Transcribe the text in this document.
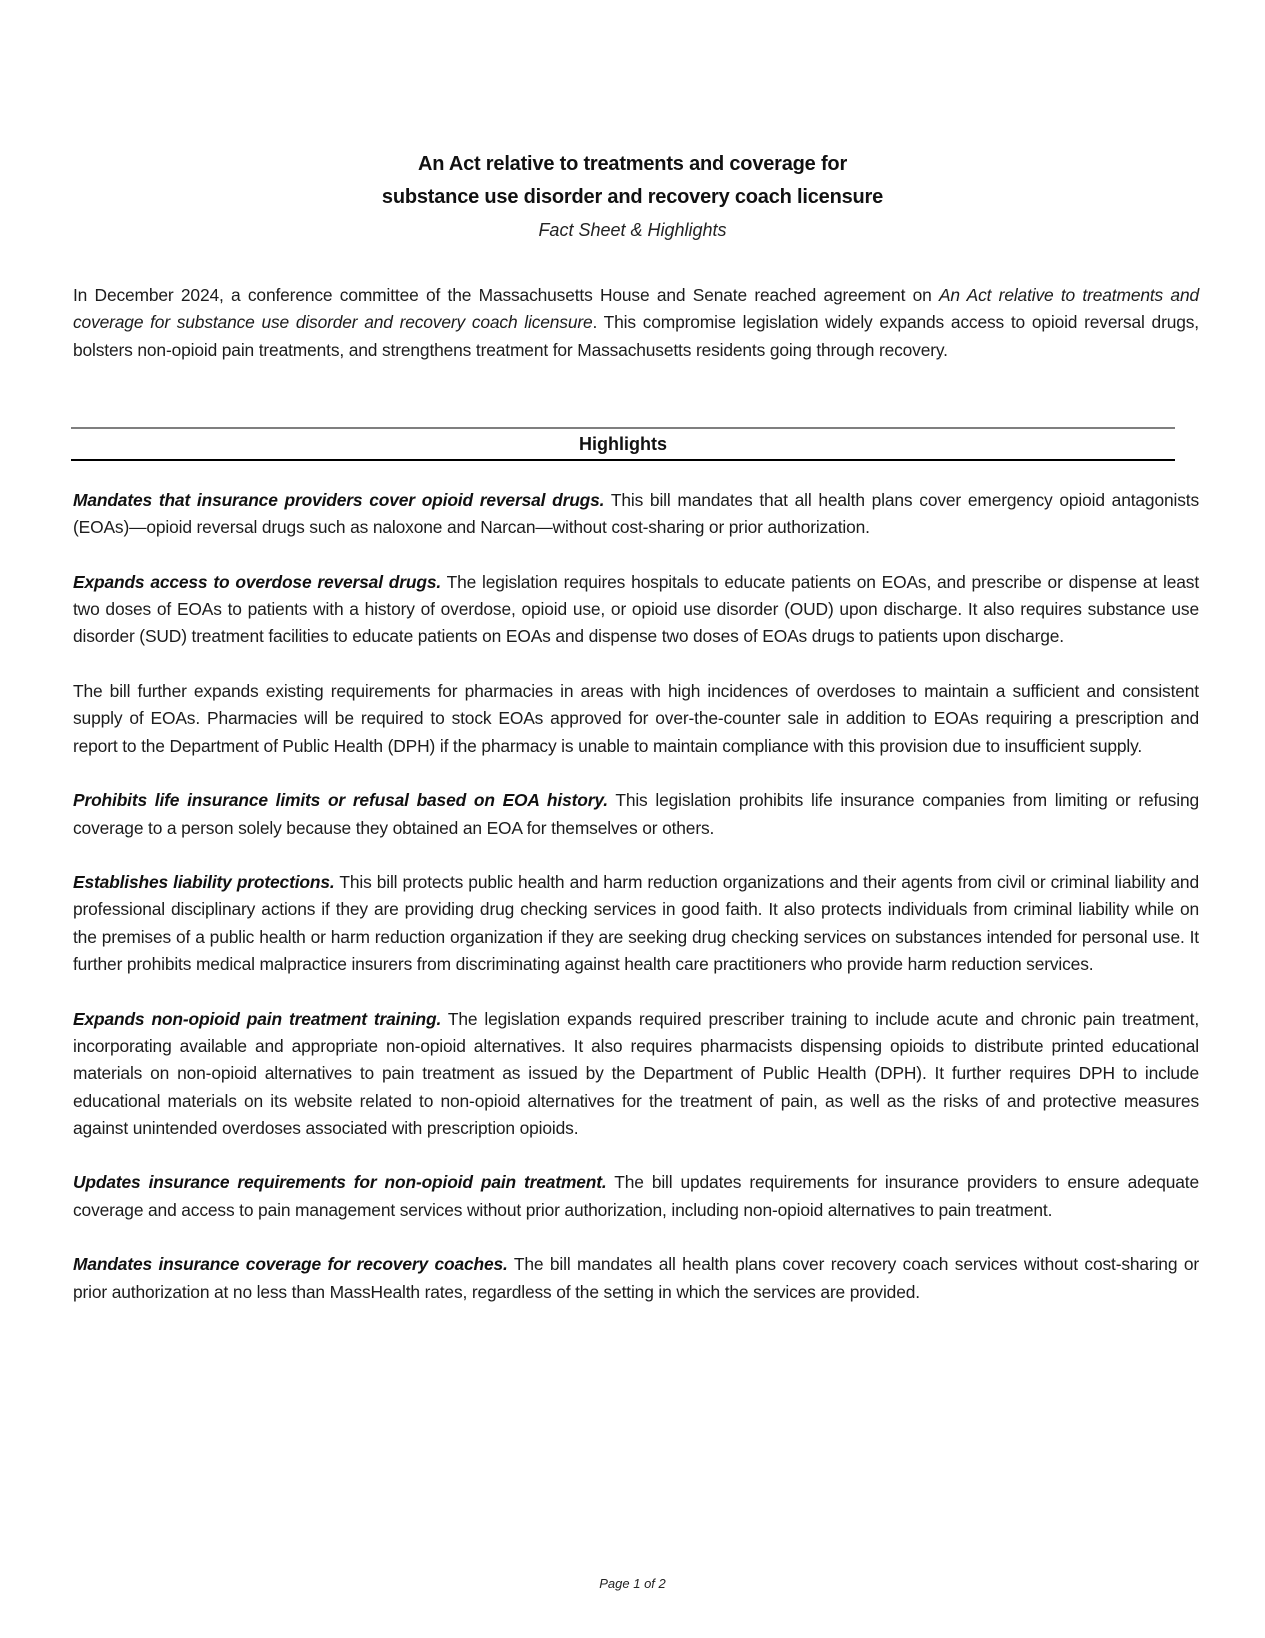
An Act relative to treatments and coverage for
substance use disorder and recovery coach licensure
Fact Sheet & Highlights

In December 2024, a conference committee of the Massachusetts House and Senate reached agreement on An Act relative to treatments and coverage for substance use disorder and recovery coach licensure. This compromise legislation widely expands access to opioid reversal drugs, bolsters non-opioid pain treatments, and strengthens treatment for Massachusetts residents going through recovery.

Highlights

Mandates that insurance providers cover opioid reversal drugs. This bill mandates that all health plans cover emergency opioid antagonists (EOAs)—opioid reversal drugs such as naloxone and Narcan—without cost-sharing or prior authorization.

Expands access to overdose reversal drugs. The legislation requires hospitals to educate patients on EOAs, and prescribe or dispense at least two doses of EOAs to patients with a history of overdose, opioid use, or opioid use disorder (OUD) upon discharge. It also requires substance use disorder (SUD) treatment facilities to educate patients on EOAs and dispense two doses of EOAs drugs to patients upon discharge.

The bill further expands existing requirements for pharmacies in areas with high incidences of overdoses to maintain a sufficient and consistent supply of EOAs. Pharmacies will be required to stock EOAs approved for over-the-counter sale in addition to EOAs requiring a prescription and report to the Department of Public Health (DPH) if the pharmacy is unable to maintain compliance with this provision due to insufficient supply.

Prohibits life insurance limits or refusal based on EOA history. This legislation prohibits life insurance companies from limiting or refusing coverage to a person solely because they obtained an EOA for themselves or others.

Establishes liability protections. This bill protects public health and harm reduction organizations and their agents from civil or criminal liability and professional disciplinary actions if they are providing drug checking services in good faith. It also protects individuals from criminal liability while on the premises of a public health or harm reduction organization if they are seeking drug checking services on substances intended for personal use. It further prohibits medical malpractice insurers from discriminating against health care practitioners who provide harm reduction services.

Expands non-opioid pain treatment training. The legislation expands required prescriber training to include acute and chronic pain treatment, incorporating available and appropriate non-opioid alternatives. It also requires pharmacists dispensing opioids to distribute printed educational materials on non-opioid alternatives to pain treatment as issued by the Department of Public Health (DPH). It further requires DPH to include educational materials on its website related to non-opioid alternatives for the treatment of pain, as well as the risks of and protective measures against unintended overdoses associated with prescription opioids.

Updates insurance requirements for non-opioid pain treatment. The bill updates requirements for insurance providers to ensure adequate coverage and access to pain management services without prior authorization, including non-opioid alternatives to pain treatment.

Mandates insurance coverage for recovery coaches. The bill mandates all health plans cover recovery coach services without cost-sharing or prior authorization at no less than MassHealth rates, regardless of the setting in which the services are provided.

Page 1 of 2
